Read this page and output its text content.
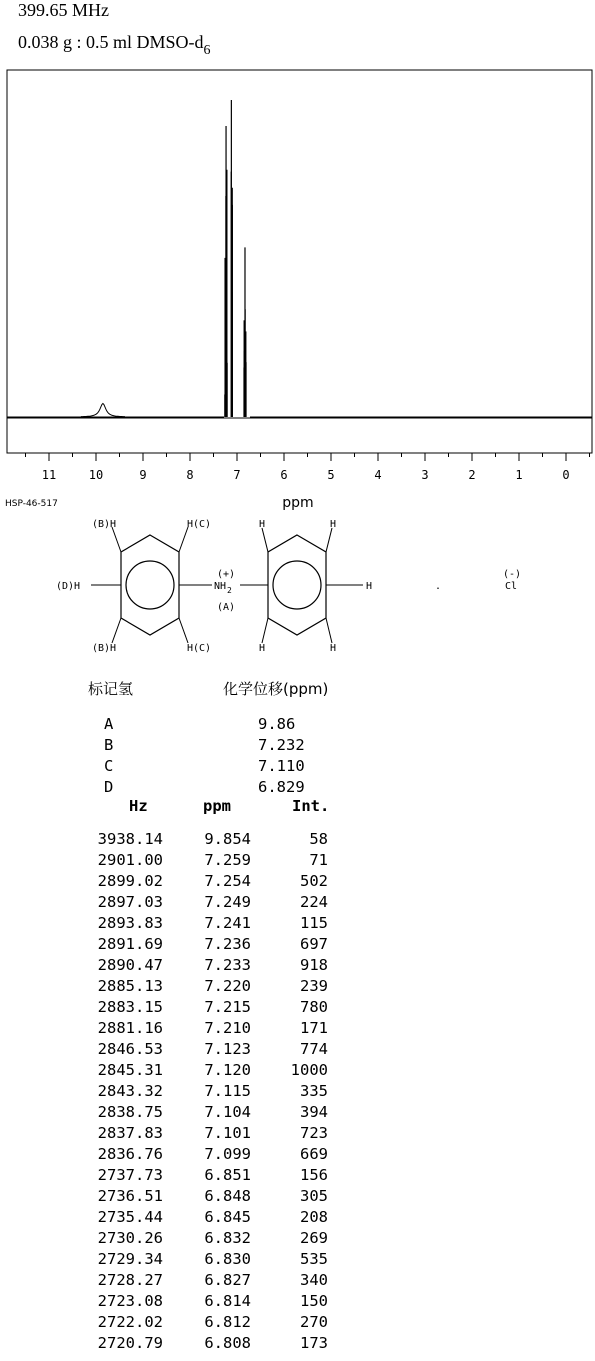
399.65 MHz
0.038 g : 0.5 ml DMSO-$d_6$
11	10	9	8	7	6	5	4	3	2	1	0
ppm
HSP-46-517
(B)H	H(C)
(D)H
(B)H	H(C)
(+)
NH 2
(A)
H	H
H
H	H
.
(-)
Cl
标记氢	化学位移(ppm)
A	9.86
B	7.232
C	7.110
D	6.829
Hz	ppm	Int.
3938.14	9.854	58
2901.00	7.259	71
2899.02	7.254	502
2897.03	7.249	224
2893.83	7.241	115
2891.69	7.236	697
2890.47	7.233	918
2885.13	7.220	239
2883.15	7.215	780
2881.16	7.210	171
2846.53	7.123	774
2845.31	7.120	1000
2843.32	7.115	335
2838.75	7.104	394
2837.83	7.101	723
2836.76	7.099	669
2737.73	6.851	156
2736.51	6.848	305
2735.44	6.845	208
2730.26	6.832	269
2729.34	6.830	535
2728.27	6.827	340
2723.08	6.814	150
2722.02	6.812	270
2720.79	6.808	173
